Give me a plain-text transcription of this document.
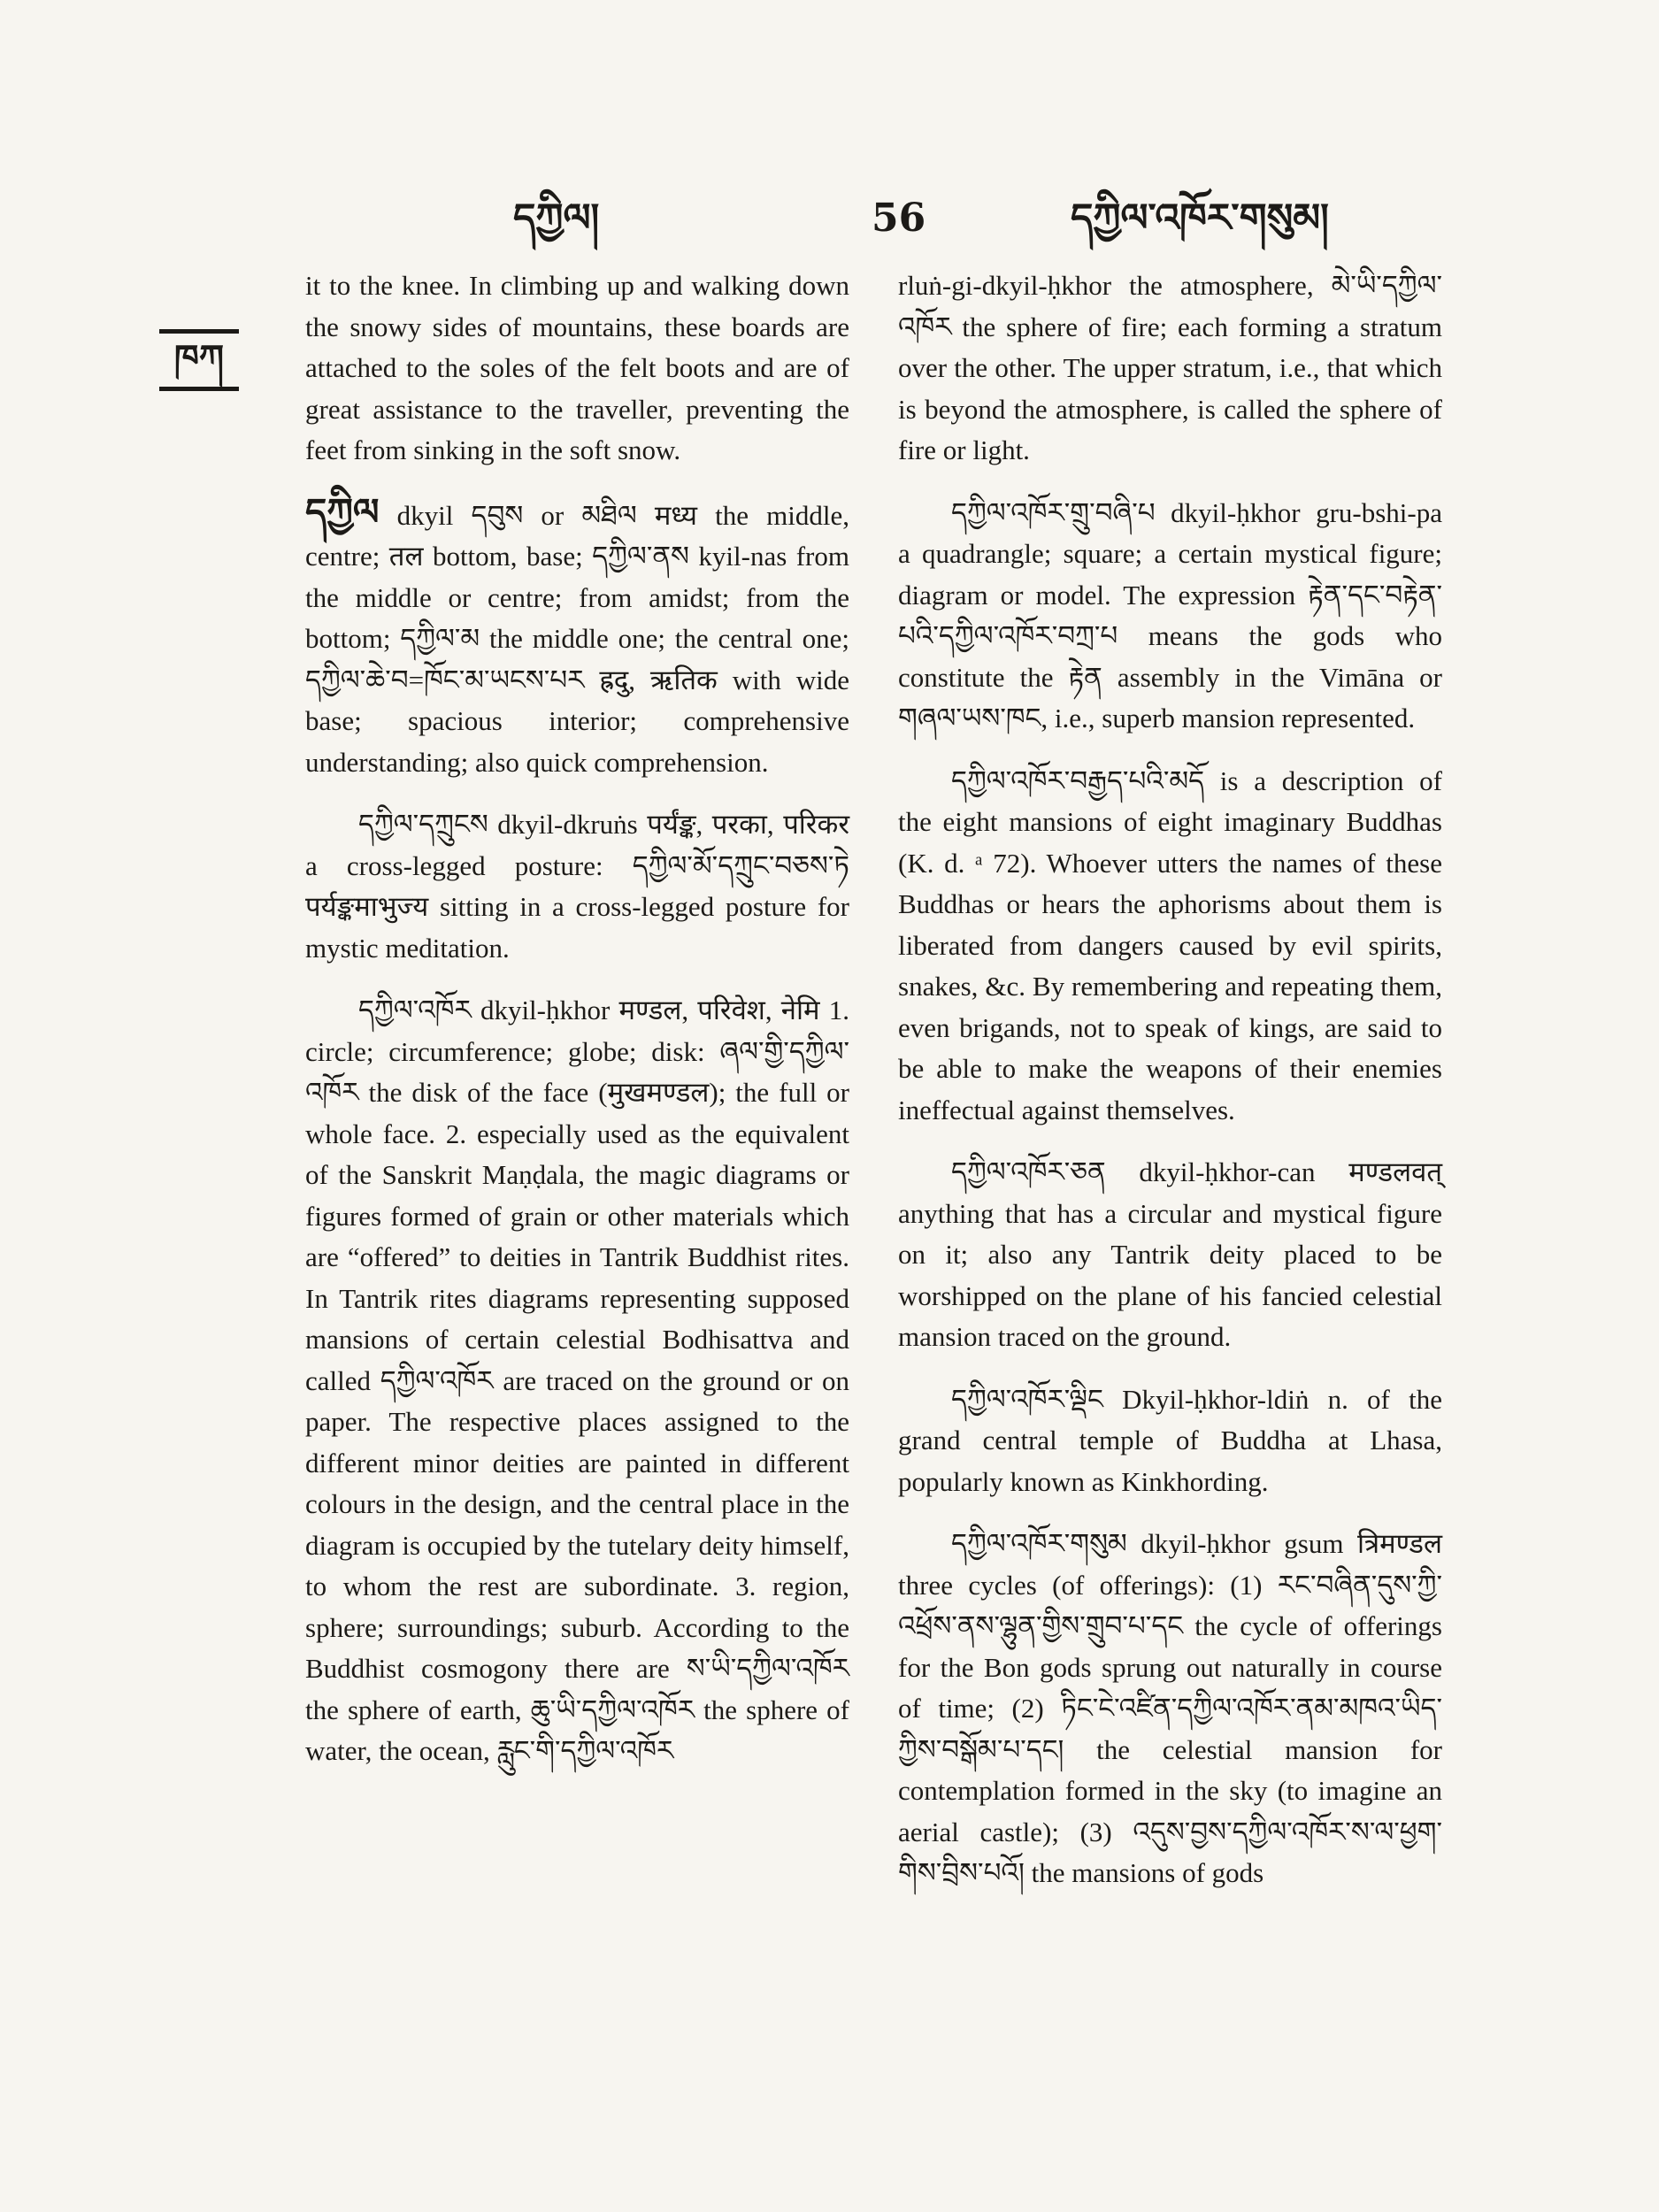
དཀྱིལ།	56	དཀྱིལ་འཁོར་གསུམ།
ཁཀ

it to the knee. In climbing up and walking down the snowy sides of mountains, these boards are attached to the soles of the felt boots and are of great assistance to the traveller, preventing the feet from sinking in the soft snow.

དཀྱིལ dkyil དབུས or མཐིལ मध्य the middle, centre; तल bottom, base; དཀྱིལ་ནས kyil-nas from the middle or centre; from amidst; from the bottom; དཀྱིལ་མ the middle one; the central one; དཀྱིལ་ཆེ་བ=ཁོང་མ་ཡངས་པར ह्रदु, ऋतिक with wide base; spacious interior; comprehensive understanding; also quick comprehension.

དཀྱིལ་དཀྲུངས dkyil-dkruṅs पर्यंङ्क, परका, परिकर a cross-legged posture: དཀྱིལ་མོ་དཀྲུང་བཅས་ཏེ पर्यङ्कमाभुज्य sitting in a cross-legged posture for mystic meditation.

དཀྱིལ་འཁོར dkyil-ḥkhor मण्डल, परिवेश, नेमि 1. circle; circumference; globe; disk: ཞལ་གྱི་དཀྱིལ་འཁོར the disk of the face (मुखमण्डल); the full or whole face. 2. especially used as the equivalent of the Sanskrit Maṇḍala, the magic diagrams or figures formed of grain or other materials which are “offered” to deities in Tantrik Buddhist rites. In Tantrik rites diagrams representing supposed mansions of certain celestial Bodhisattva and called དཀྱིལ་འཁོར are traced on the ground or on paper. The respective places assigned to the different minor deities are painted in different colours in the design, and the central place in the diagram is occupied by the tutelary deity himself, to whom the rest are subordinate. 3. region, sphere; surroundings; suburb. According to the Buddhist cosmogony there are ས་ཡི་དཀྱིལ་འཁོར the sphere of earth, ཆུ་ཡི་དཀྱིལ་འཁོར the sphere of water, the ocean, རླུང་གི་དཀྱིལ་འཁོར

rluṅ-gi-dkyil-ḥkhor the atmosphere, མེ་ཡི་དཀྱིལ་འཁོར the sphere of fire; each forming a stratum over the other. The upper stratum, i.e., that which is beyond the atmosphere, is called the sphere of fire or light.

དཀྱིལ་འཁོར་གྲུ་བཞི་པ dkyil-ḥkhor gru-bshi-pa a quadrangle; square; a certain mystical figure; diagram or model. The expression རྟེན་དང་བརྟེན་པའི་དཀྱིལ་འཁོར་བཀྲ་པ means the gods who constitute the རྟེན assembly in the Vimāna or གཞལ་ཡས་ཁང, i.e., superb mansion represented.

དཀྱིལ་འཁོར་བརྒྱད་པའི་མདོ is a description of the eight mansions of eight imaginary Buddhas (K. d. ᵃ 72). Whoever utters the names of these Buddhas or hears the aphorisms about them is liberated from dangers caused by evil spirits, snakes, &c. By remembering and repeating them, even brigands, not to speak of kings, are said to be able to make the weapons of their enemies ineffectual against themselves.

དཀྱིལ་འཁོར་ཅན dkyil-ḥkhor-can मण्डलवत् anything that has a circular and mystical figure on it; also any Tantrik deity placed to be worshipped on the plane of his fancied celestial mansion traced on the ground.

དཀྱིལ་འཁོར་ལྡིང Dkyil-ḥkhor-ldiṅ n. of the grand central temple of Buddha at Lhasa, popularly known as Kinkhording.

དཀྱིལ་འཁོར་གསུམ dkyil-ḥkhor gsum त्रिमण्डल three cycles (of offerings): (1) རང་བཞིན་དུས་ཀྱི་འཕྲོས་ནས་ལྷུན་གྱིས་གྲུབ་པ་དང the cycle of offerings for the Bon gods sprung out naturally in course of time; (2) ཏིང་ངེ་འཛིན་དཀྱིལ་འཁོར་ནམ་མཁའ་ཡིད་ཀྱིས་བསྒོམ་པ་དང། the celestial mansion for contemplation formed in the sky (to imagine an aerial castle); (3) འདུས་བྱས་དཀྱིལ་འཁོར་ས་ལ་ཕྱག་གིས་བྲིས་པའོ། the mansions of gods
